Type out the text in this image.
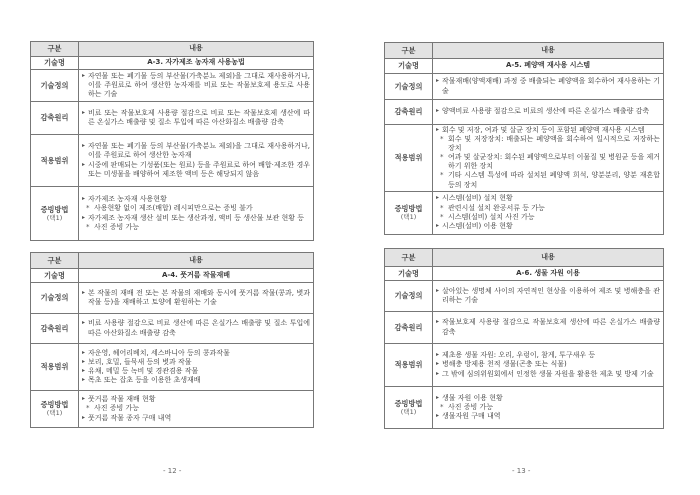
구분	내용
기술명	A-3. 자가제조 농자재 사용농법
기술정의	▸ 자연물 또는 폐기물 등의 부산물(가축분뇨 제외)을 그대로 재사용하거나, 이를 주원료로 하여 생산한 농자재를 비료 또는 작물보호제 용도로 사용하는 기술

감축원리	▸ 비료 또는 작물보호제 사용량 절감으로 비료 또는 작물보호제 생산에 따른 온실가스 배출량 및 질소 투입에 따른 아산화질소 배출량 감축

적용범위	▸ 자연물 또는 폐기물 등의 부산물(가축분뇨 제외)을 그대로 재사용하거나, 이를 주원료로 하여 생산한 농자재
▸ 시중에 판매되는 기성품(또는 원료) 등을 주원료로 하여 배합·제조한 경우 또는 미생물을 배양하여 제조한 액비 등은 해당되지 않음

증빙방법
(택1)	▸ 자가제조 농자재 사용현황
* 사용현황 없이 제조(배합) 레시피만으로는 증빙 불가
▸ 자가제조 농자재 생산 설비 또는 생산과정, 액비 등 생산물 보관 현황 등
* 사진 증빙 가능
구분	내용
기술명	A-4. 풋거름 작물재배
기술정의	▸ 본 작물의 재배 전 또는 본 작물의 재배와 동시에 풋거름 작물(콩과, 볏과작물 등)을 재배하고 토양에 환원하는 기술

감축원리	▸ 비료 사용량 절감으로 비료 생산에 따른 온실가스 배출량 및 질소 투입에 따른 아산화질소 배출량 감축

적용범위	▸ 자운영, 헤어리베치, 세스바니아 등의 콩과작물
▸ 보리, 호밀, 들묵새 등의 볏과 작물
▸ 유채, 메밀 등 녹비 및 경관겸용 작물
▸ 목초 또는 잡초 등을 이용한 초생재배

증빙방법
(택1)	▸ 풋거름 작물 재배 현황
* 사진 증빙 가능
▸ 풋거름 작물 종자 구매 내역
- 12 -
구분	내용
기술명	A-5. 폐양액 재사용 시스템
기술정의	▸ 작물재배(양액재배) 과정 중 배출되는 폐양액을 회수하여 재사용하는 기술

감축원리	▸ 양액비료 사용량 절감으로 비료의 생산에 따른 온실가스 배출량 감축

적용범위	▸ 회수 및 저장, 여과 및 살균 장치 등이 포함된 폐양액 재사용 시스템
* 회수 및 저장장치: 배출되는 폐양액을 회수하여 일시적으로 저장하는 장치
* 여과 및 살균장치: 회수된 폐양액으로부터 이물질 및 병원균 등을 제거하기 위한 장치
* 기타 시스템 특성에 따라 설치된 폐양액 희석, 양분분리, 양분 재혼합 등의 장치

증빙방법
(택1)	▸ 시스템(설비) 설치 현황
* 관련시설 설치 완공서류 등 가능
* 시스템(설비) 설치 사진 가능
▸ 시스템(설비) 이용 현황
구분	내용
기술명	A-6. 생물 자원 이용
기술정의	▸ 살아있는 생명체 사이의 자연적인 현상을 이용하여 제조 및 병해충을 관리하는 기술

감축원리	▸ 작물보호제 사용량 절감으로 작물보호제 생산에 따른 온실가스 배출량 감축

적용범위	▸ 제초용 생물 자원: 오리, 우렁이, 참게, 투구새우 등
▸ 병해충 방제용 천적 생물(곤충 또는 식물)
▸ 그 밖에 심의위원회에서 인정한 생물 자원을 활용한 제초 및 방제 기술

증빙방법
(택1)	▸ 생물 자원 이용 현황
* 사진 증빙 가능
▸ 생물자원 구매 내역
- 13 -
